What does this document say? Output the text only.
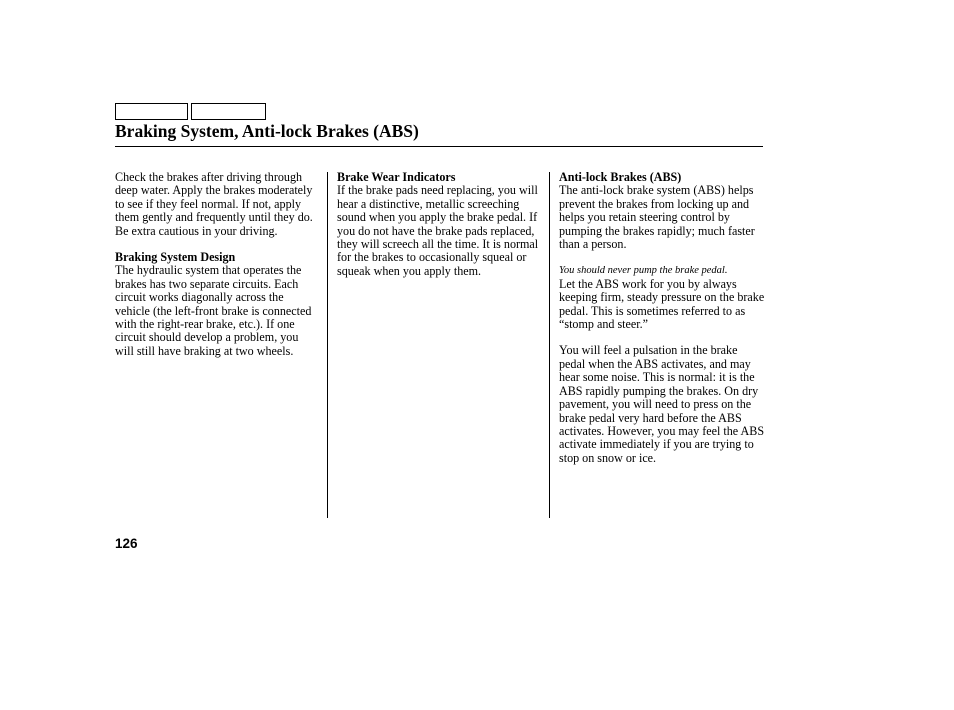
Braking System, Anti-lock Brakes (ABS)

Check the brakes after driving through deep water. Apply the brakes moderately to see if they feel normal. If not, apply them gently and frequently until they do. Be extra cautious in your driving.

Braking System Design
The hydraulic system that operates the brakes has two separate circuits. Each circuit works diagonally across the vehicle (the left-front brake is connected with the right-rear brake, etc.). If one circuit should develop a problem, you will still have braking at two wheels.

Brake Wear Indicators
If the brake pads need replacing, you will hear a distinctive, metallic screeching sound when you apply the brake pedal. If you do not have the brake pads replaced, they will screech all the time. It is normal for the brakes to occasionally squeal or squeak when you apply them.

Anti-lock Brakes (ABS)
The anti-lock brake system (ABS) helps prevent the brakes from locking up and helps you retain steering control by pumping the brakes rapidly; much faster than a person.

You should never pump the brake pedal.
Let the ABS work for you by always keeping firm, steady pressure on the brake pedal. This is sometimes referred to as “stomp and steer.”

You will feel a pulsation in the brake pedal when the ABS activates, and may hear some noise. This is normal: it is the ABS rapidly pumping the brakes. On dry pavement, you will need to press on the brake pedal very hard before the ABS activates. However, you may feel the ABS activate immediately if you are trying to stop on snow or ice.

126
